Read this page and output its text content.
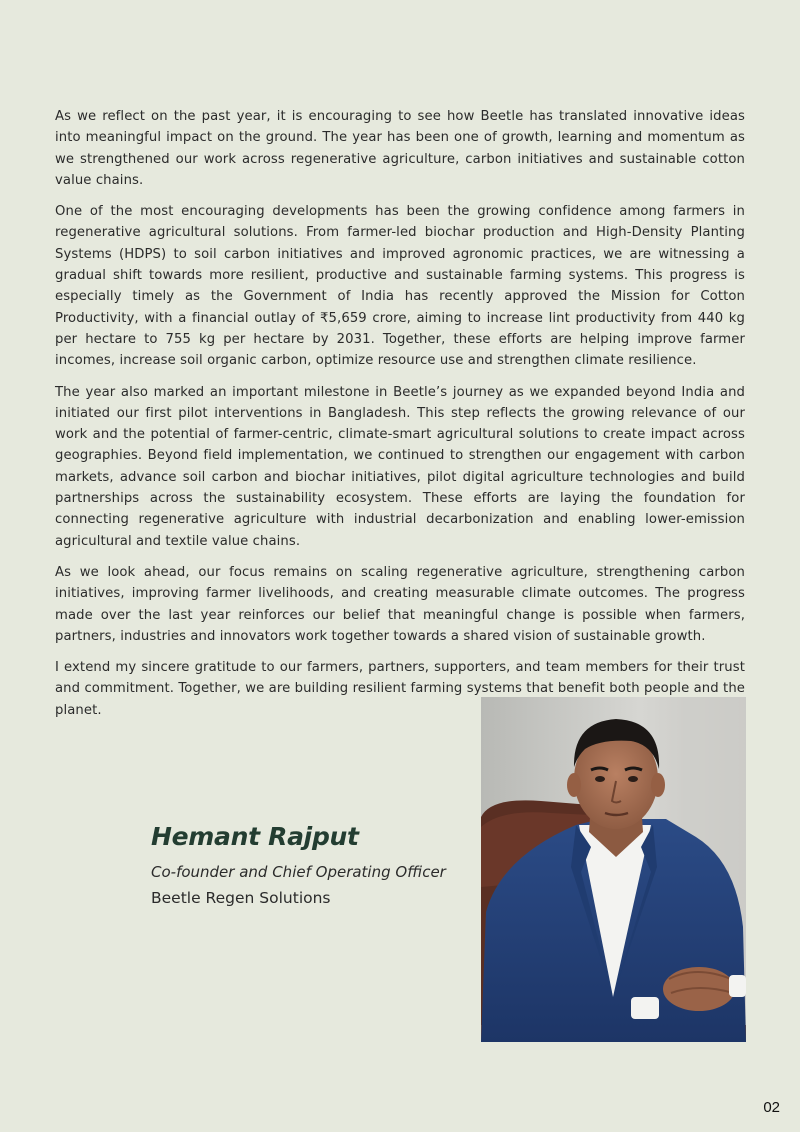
As we reflect on the past year, it is encouraging to see how Beetle has translated innovative ideas into meaningful impact on the ground. The year has been one of growth, learning and momentum as we strengthened our work across regenerative agriculture, carbon initiatives and sustainable cotton value chains.

One of the most encouraging developments has been the growing confidence among farmers in regenerative agricultural solutions. From farmer-led biochar production and High-Density Planting Systems (HDPS) to soil carbon initiatives and improved agronomic practices, we are witnessing a gradual shift towards more resilient, productive and sustainable farming systems. This progress is especially timely as the Government of India has recently approved the Mission for Cotton Productivity, with a financial outlay of ₹5,659 crore, aiming to increase lint productivity from 440 kg per hectare to 755 kg per hectare by 2031. Together, these efforts are helping improve farmer incomes, increase soil organic carbon, optimize resource use and strengthen climate resilience.

The year also marked an important milestone in Beetle’s journey as we expanded beyond India and initiated our first pilot interventions in Bangladesh. This step reflects the growing relevance of our work and the potential of farmer-centric, climate-smart agricultural solutions to create impact across geographies. Beyond field implementation, we continued to strengthen our engagement with carbon markets, advance soil carbon and biochar initiatives, pilot digital agriculture technologies and build partnerships across the sustainability ecosystem. These efforts are laying the foundation for connecting regenerative agriculture with industrial decarbonization and enabling lower-emission agricultural and textile value chains.

As we look ahead, our focus remains on scaling regenerative agriculture, strengthening carbon initiatives, improving farmer livelihoods, and creating measurable climate outcomes. The progress made over the last year reinforces our belief that meaningful change is possible when farmers, partners, industries and innovators work together towards a shared vision of sustainable growth.

I extend my sincere gratitude to our farmers, partners, supporters, and team members for their trust and commitment. Together, we are building resilient farming systems that benefit both people and the planet.

Hemant Rajput
Co-founder and Chief Operating Officer
Beetle Regen Solutions
02
